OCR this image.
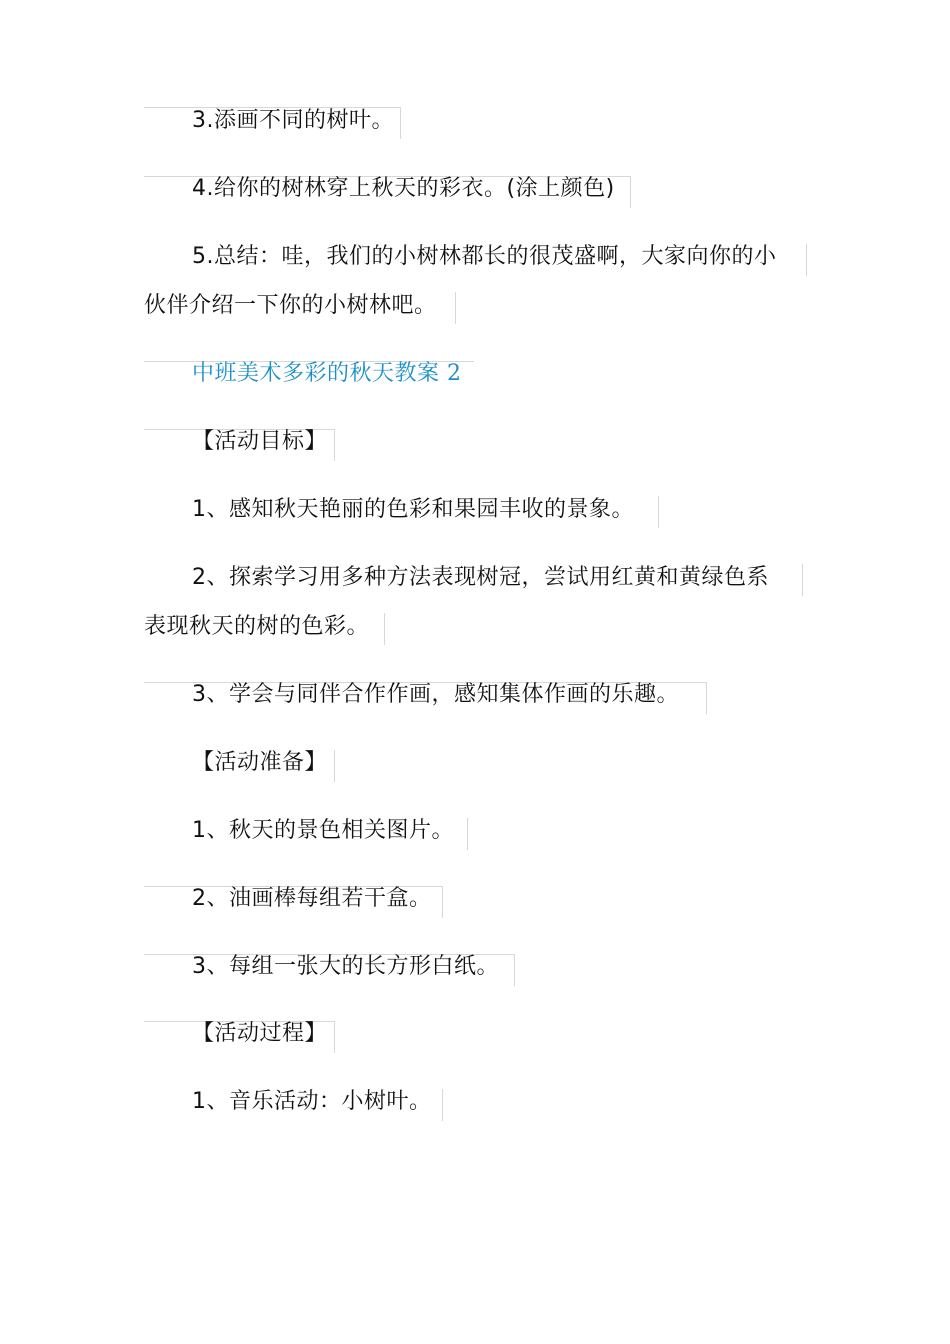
3.添画不同的树叶。
4.给你的树林穿上秋天的彩衣。(涂上颜色)
5.总结：哇，我们的小树林都长的很茂盛啊，大家向你的小
伙伴介绍一下你的小树林吧。
中班美术多彩的秋天教案 2
【活动目标】
1、感知秋天艳丽的色彩和果园丰收的景象。
2、探索学习用多种方法表现树冠，尝试用红黄和黄绿色系
表现秋天的树的色彩。
3、学会与同伴合作作画，感知集体作画的乐趣。
【活动准备】
1、秋天的景色相关图片。
2、油画棒每组若干盒。
3、每组一张大的长方形白纸。
【活动过程】
1、音乐活动：小树叶。
